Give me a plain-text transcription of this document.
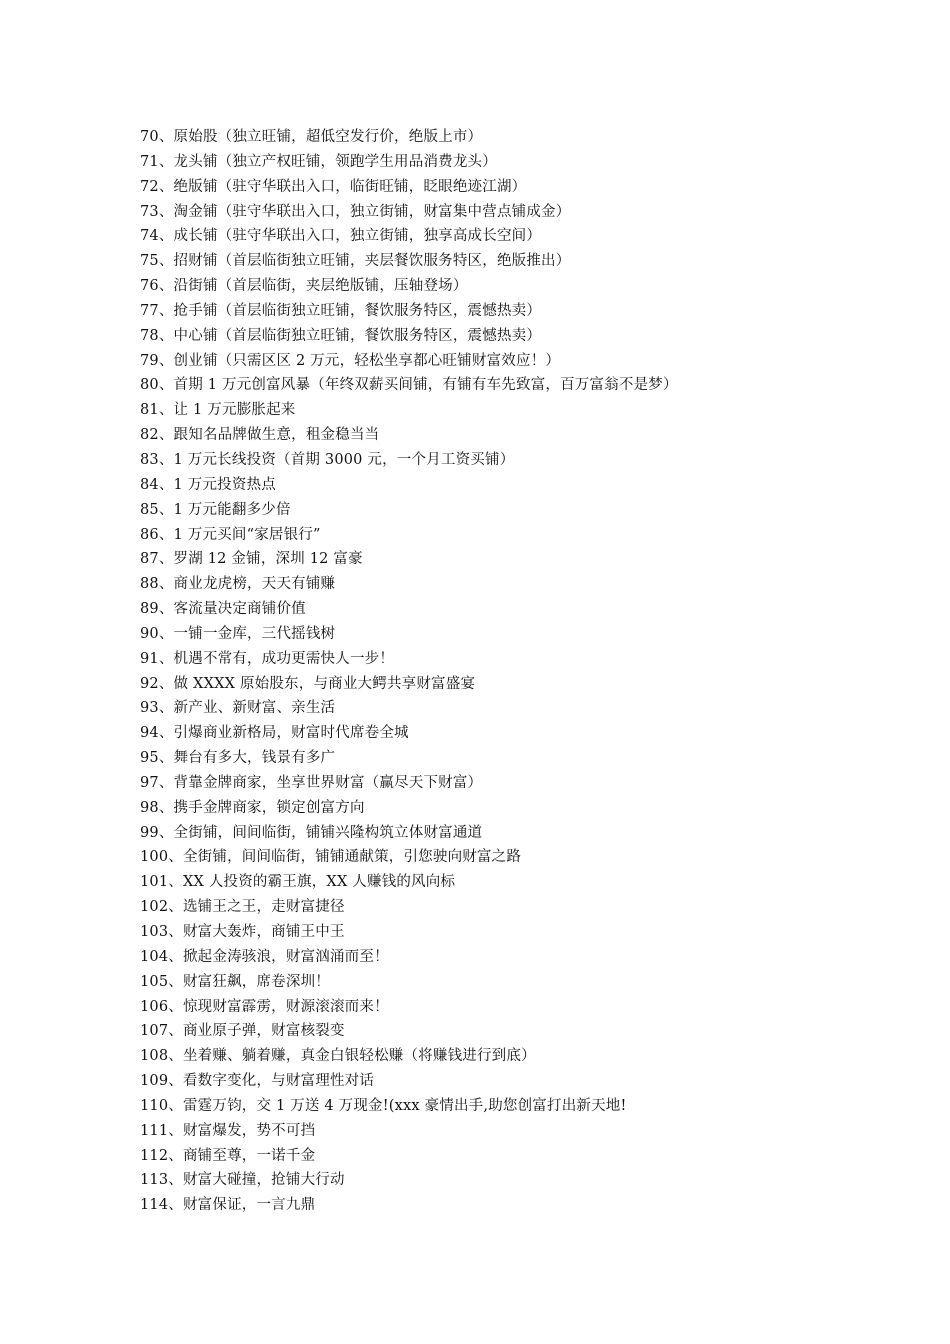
70、原始股（独立旺铺，超低空发行价，绝版上市）
71、龙头铺（独立产权旺铺，领跑学生用品消费龙头）
72、绝版铺（驻守华联出入口，临街旺铺，眨眼绝迹江湖）
73、淘金铺（驻守华联出入口，独立街铺，财富集中营点铺成金）
74、成长铺（驻守华联出入口，独立街铺，独享高成长空间）
75、招财铺（首层临街独立旺铺，夹层餐饮服务特区，绝版推出）
76、沿街铺（首层临街，夹层绝版铺，压轴登场）
77、抢手铺（首层临街独立旺铺，餐饮服务特区，震憾热卖）
78、中心铺（首层临街独立旺铺，餐饮服务特区，震憾热卖）
79、创业铺（只需区区 2 万元，轻松坐享都心旺铺财富效应！）
80、首期 1 万元创富风暴（年终双薪买间铺，有铺有车先致富，百万富翁不是梦）
81、让 1 万元膨胀起来
82、跟知名品牌做生意，租金稳当当
83、1 万元长线投资（首期 3000 元，一个月工资买铺）
84、1 万元投资热点
85、1 万元能翻多少倍
86、1 万元买间“家居银行”
87、罗湖 12 金铺，深圳 12 富豪
88、商业龙虎榜，天天有铺赚
89、客流量决定商铺价值
90、一铺一金库，三代摇钱树
91、机遇不常有，成功更需快人一步！
92、做 XXXX 原始股东，与商业大鳄共享财富盛宴
93、新产业、新财富、亲生活
94、引爆商业新格局，财富时代席卷全城
95、舞台有多大，钱景有多广
97、背靠金牌商家，坐享世界财富（赢尽天下财富）
98、携手金牌商家，锁定创富方向
99、全街铺，间间临街，铺铺兴隆构筑立体财富通道
100、全街铺，间间临街，铺铺通献策，引您驶向财富之路
101、XX 人投资的霸王旗，XX 人赚钱的风向标
102、选铺王之王，走财富捷径
103、财富大轰炸，商铺王中王
104、掀起金涛骇浪，财富汹涌而至！
105、财富狂飙，席卷深圳！
106、惊现财富霹雳，财源滚滚而来！
107、商业原子弹，财富核裂变
108、坐着赚、躺着赚，真金白银轻松赚（将赚钱进行到底）
109、看数字变化，与财富理性对话
110、雷霆万钧，交 1 万送 4 万现金!(xxx 豪情出手,助您创富打出新天地!
111、财富爆发，势不可挡
112、商铺至尊，一诺千金
113、财富大碰撞，抢铺大行动
114、财富保证，一言九鼎
